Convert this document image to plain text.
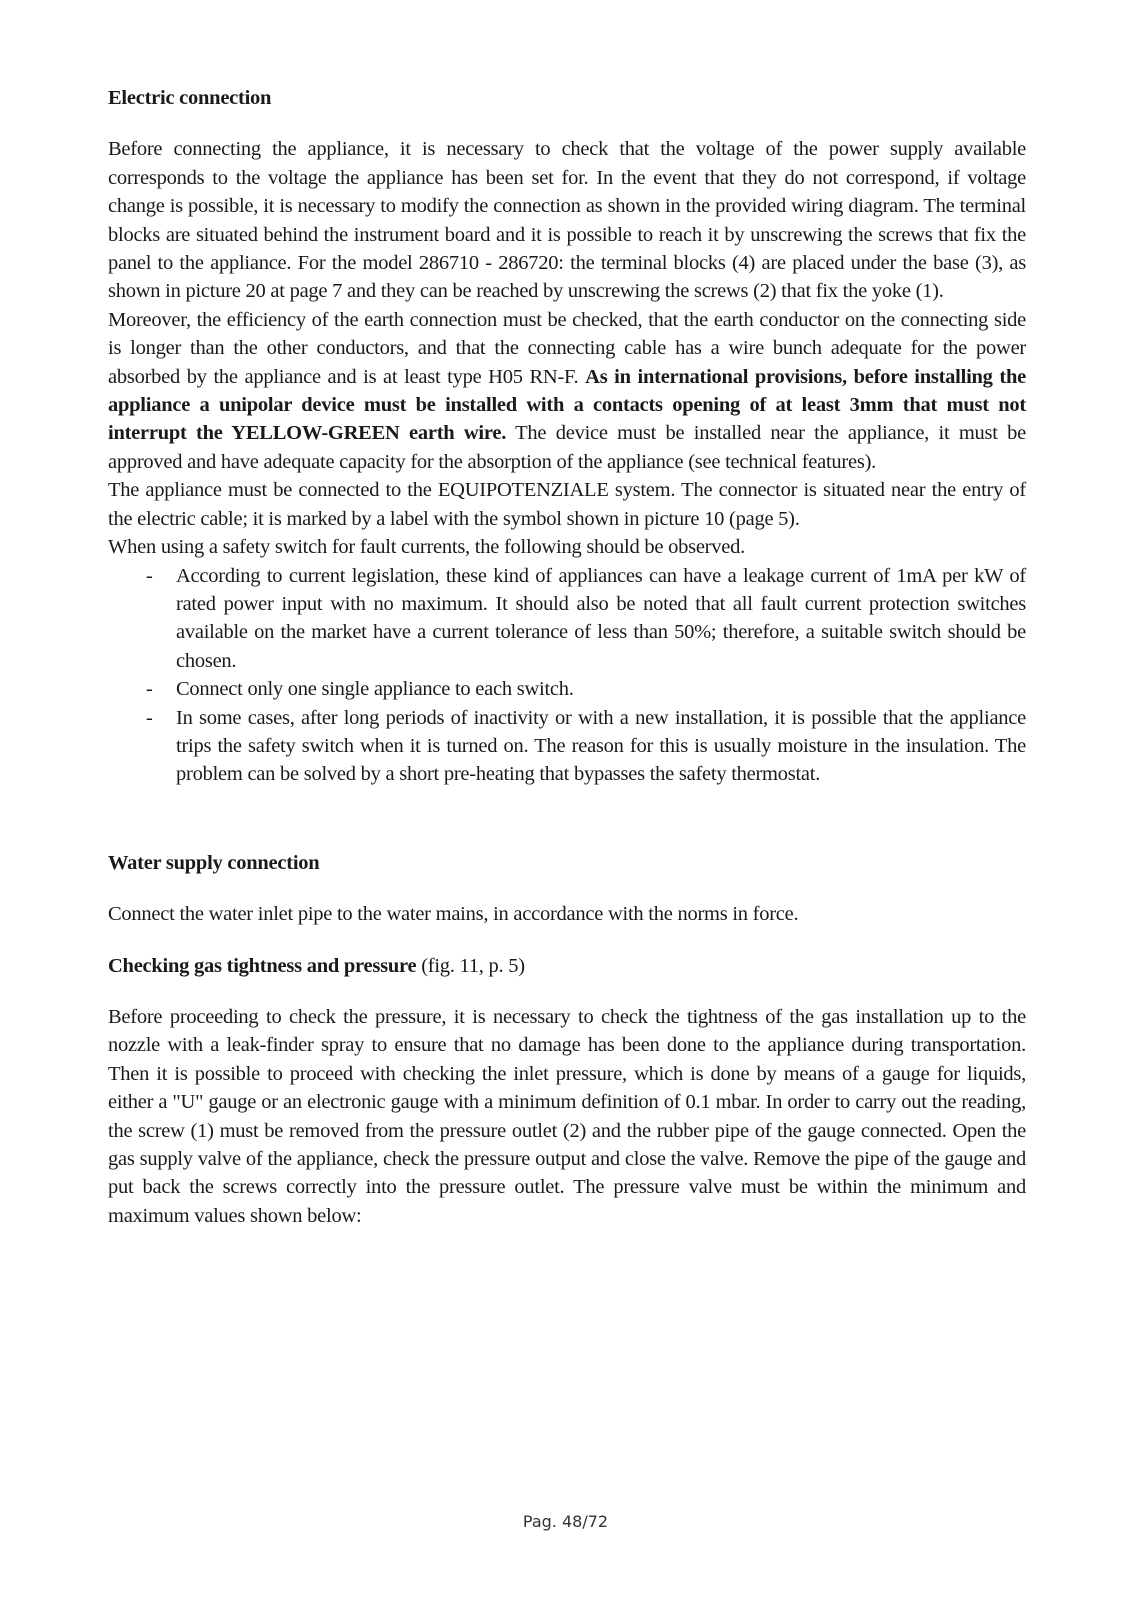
Electric connection

Before connecting the appliance, it is necessary to check that the voltage of the power supply available corresponds to the voltage the appliance has been set for. In the event that they do not correspond, if voltage change is possible, it is necessary to modify the connection as shown in the provided wiring diagram. The terminal blocks are situated behind the instrument board and it is possible to reach it by unscrewing the screws that fix the panel to the appliance. For the model 286710 - 286720: the terminal blocks (4) are placed under the base (3), as shown in picture 20 at page 7 and they can be reached by unscrewing the screws (2) that fix the yoke (1).

Moreover, the efficiency of the earth connection must be checked, that the earth conductor on the connecting side is longer than the other conductors, and that the connecting cable has a wire bunch adequate for the power absorbed by the appliance and is at least type H05 RN-F. As in international provisions, before installing the appliance a unipolar device must be installed with a contacts opening of at least 3mm that must not interrupt the YELLOW-GREEN earth wire. The device must be installed near the appliance, it must be approved and have adequate capacity for the absorption of the appliance (see technical features).

The appliance must be connected to the EQUIPOTENZIALE system. The connector is situated near the entry of the electric cable; it is marked by a label with the symbol shown in picture 10 (page 5).

When using a safety switch for fault currents, the following should be observed.

- According to current legislation, these kind of appliances can have a leakage current of 1mA per kW of rated power input with no maximum. It should also be noted that all fault current protection switches available on the market have a current tolerance of less than 50%; therefore, a suitable switch should be chosen.
- Connect only one single appliance to each switch.
- In some cases, after long periods of inactivity or with a new installation, it is possible that the appliance trips the safety switch when it is turned on. The reason for this is usually moisture in the insulation. The problem can be solved by a short pre-heating that bypasses the safety thermostat.

Water supply connection

Connect the water inlet pipe to the water mains, in accordance with the norms in force.

Checking gas tightness and pressure (fig. 11, p. 5)

Before proceeding to check the pressure, it is necessary to check the tightness of the gas installation up to the nozzle with a leak-finder spray to ensure that no damage has been done to the appliance during transportation. Then it is possible to proceed with checking the inlet pressure, which is done by means of a gauge for liquids, either a "U" gauge or an electronic gauge with a minimum definition of 0.1 mbar. In order to carry out the reading, the screw (1) must be removed from the pressure outlet (2) and the rubber pipe of the gauge connected. Open the gas supply valve of the appliance, check the pressure output and close the valve. Remove the pipe of the gauge and put back the screws correctly into the pressure outlet. The pressure valve must be within the minimum and maximum values shown below:

Pag. 48/72
